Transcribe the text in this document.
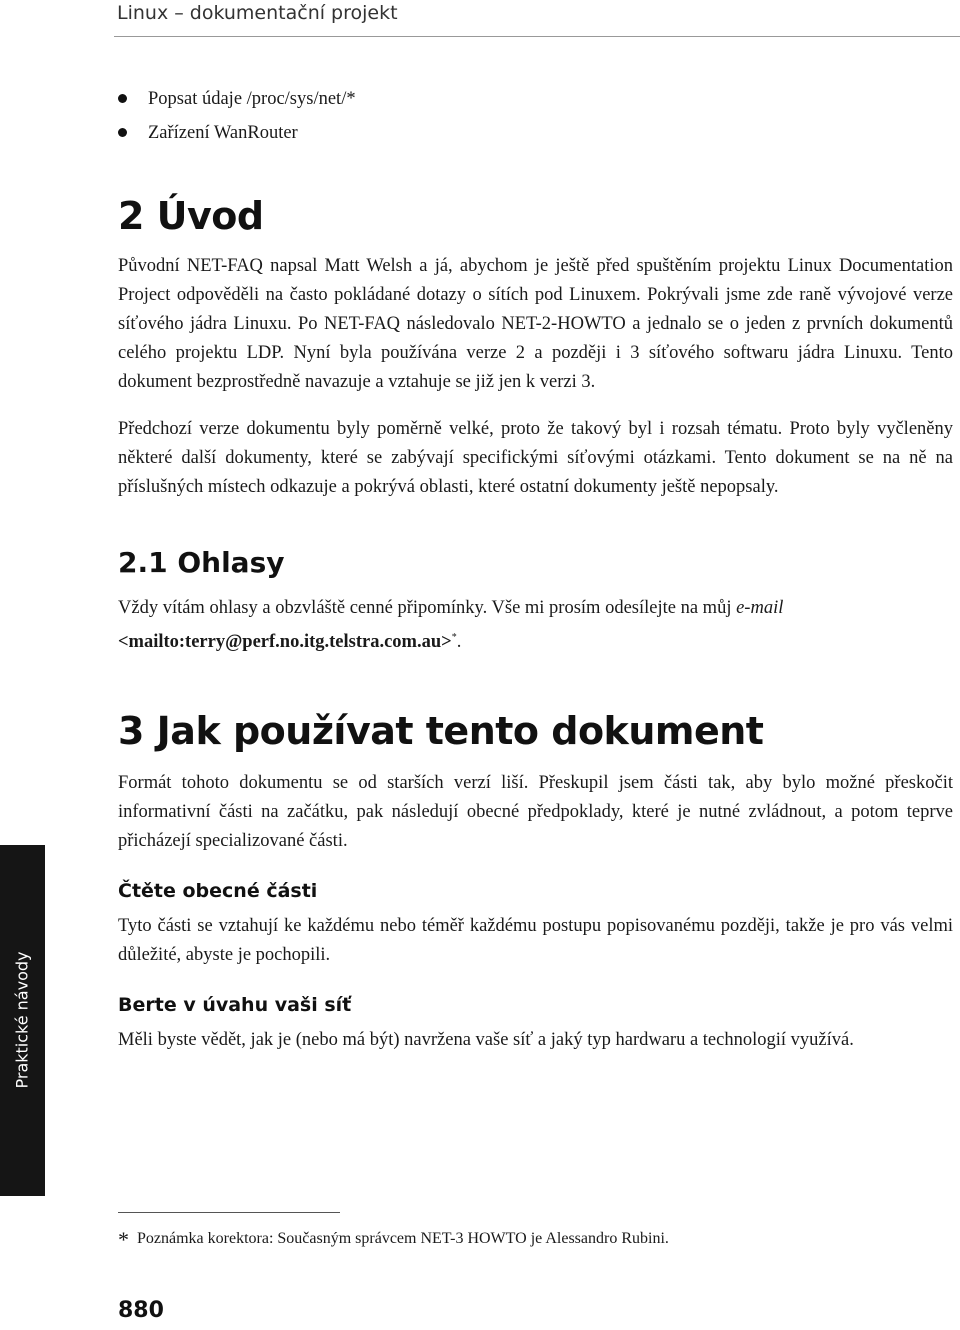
Linux – dokumentační projekt
Popsat údaje /proc/sys/net/*
Zařízení WanRouter
2 Úvod

Původní NET-FAQ napsal Matt Welsh a já, abychom je ještě před spuštěním projektu Linux Documentation Project odpověděli na často pokládané dotazy o sítích pod Linuxem. Pokrývali jsme zde raně vývojové verze síťového jádra Linuxu. Po NET-FAQ následovalo NET-2-HOWTO a jednalo se o jeden z prvních dokumentů celého projektu LDP. Nyní byla používána verze 2 a později i 3 síťového softwaru jádra Linuxu. Tento dokument bezprostředně navazuje a vztahuje se již jen k verzi 3.

Předchozí verze dokumentu byly poměrně velké, proto že takový byl i rozsah tématu. Proto byly vyčleněny některé další dokumenty, které se zabývají specifickými síťovými otázkami. Tento dokument se na ně na příslušných místech odkazuje a pokrývá oblasti, které ostatní dokumenty ještě nepopsaly.

2.1 Ohlasy

Vždy vítám ohlasy a obzvláště cenné připomínky. Vše mi prosím odesílejte na můj e-mail
<mailto:terry@perf.no.itg.telstra.com.au>*.

3 Jak používat tento dokument

Formát tohoto dokumentu se od starších verzí liší. Přeskupil jsem části tak, aby bylo možné přeskočit informativní části na začátku, pak následují obecné předpoklady, které je nutné zvládnout, a potom teprve přicházejí specializované části.

Čtěte obecné části

Tyto části se vztahují ke každému nebo téměř každému postupu popisovanému později, takže je pro vás velmi důležité, abyste je pochopili.

Berte v úvahu vaši síť

Měli byste vědět, jak je (nebo má být) navržena vaše síť a jaký typ hardwaru a technologií využívá.

* Poznámka korektora: Současným správcem NET-3 HOWTO je Alessandro Rubini.
Praktické návody
880
